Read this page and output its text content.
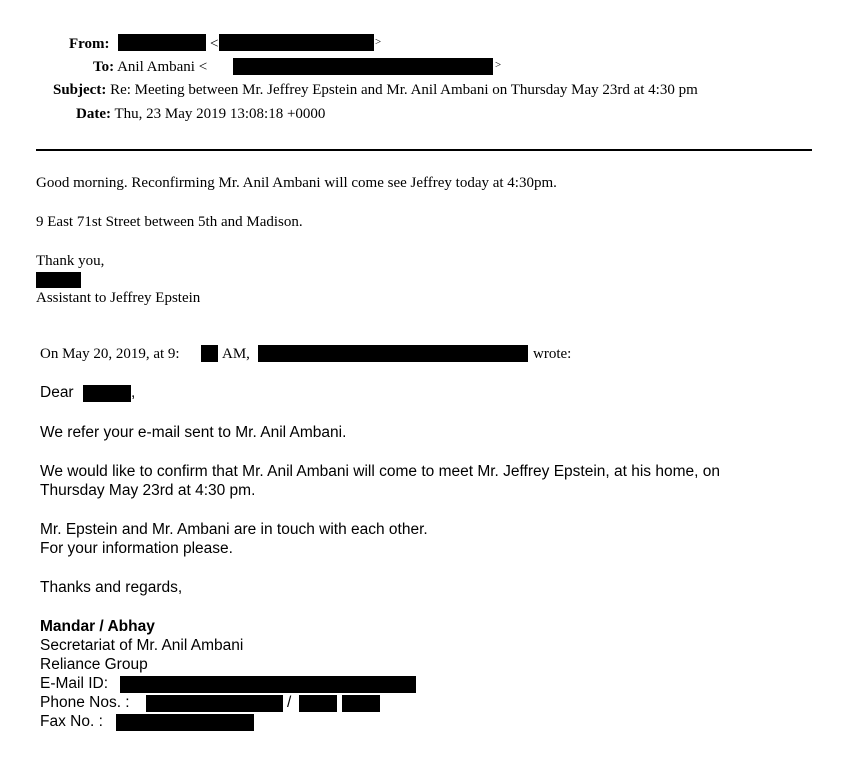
From:	<	>
To: Anil Ambani <	>
Subject: Re: Meeting between Mr. Jeffrey Epstein and Mr. Anil Ambani on Thursday May 23rd at 4:30 pm
Date: Thu, 23 May 2019 13:08:18 +0000
Good morning. Reconfirming Mr. Anil Ambani will come see Jeffrey today at 4:30pm.
9 East 71st Street between 5th and Madison.
Thank you,
Assistant to Jeffrey Epstein
On May 20, 2019, at 9:	AM,	wrote:
Dear	,
We refer your e-mail sent to Mr. Anil Ambani.
We would like to confirm that Mr. Anil Ambani will come to meet Mr. Jeffrey Epstein, at his home, on
Thursday May 23rd at 4:30 pm.
Mr. Epstein and Mr. Ambani are in touch with each other.
For your information please.
Thanks and regards,
Mandar / Abhay
Secretariat of Mr. Anil Ambani
Reliance Group
E-Mail ID:
Phone Nos. :	/
Fax No. :
